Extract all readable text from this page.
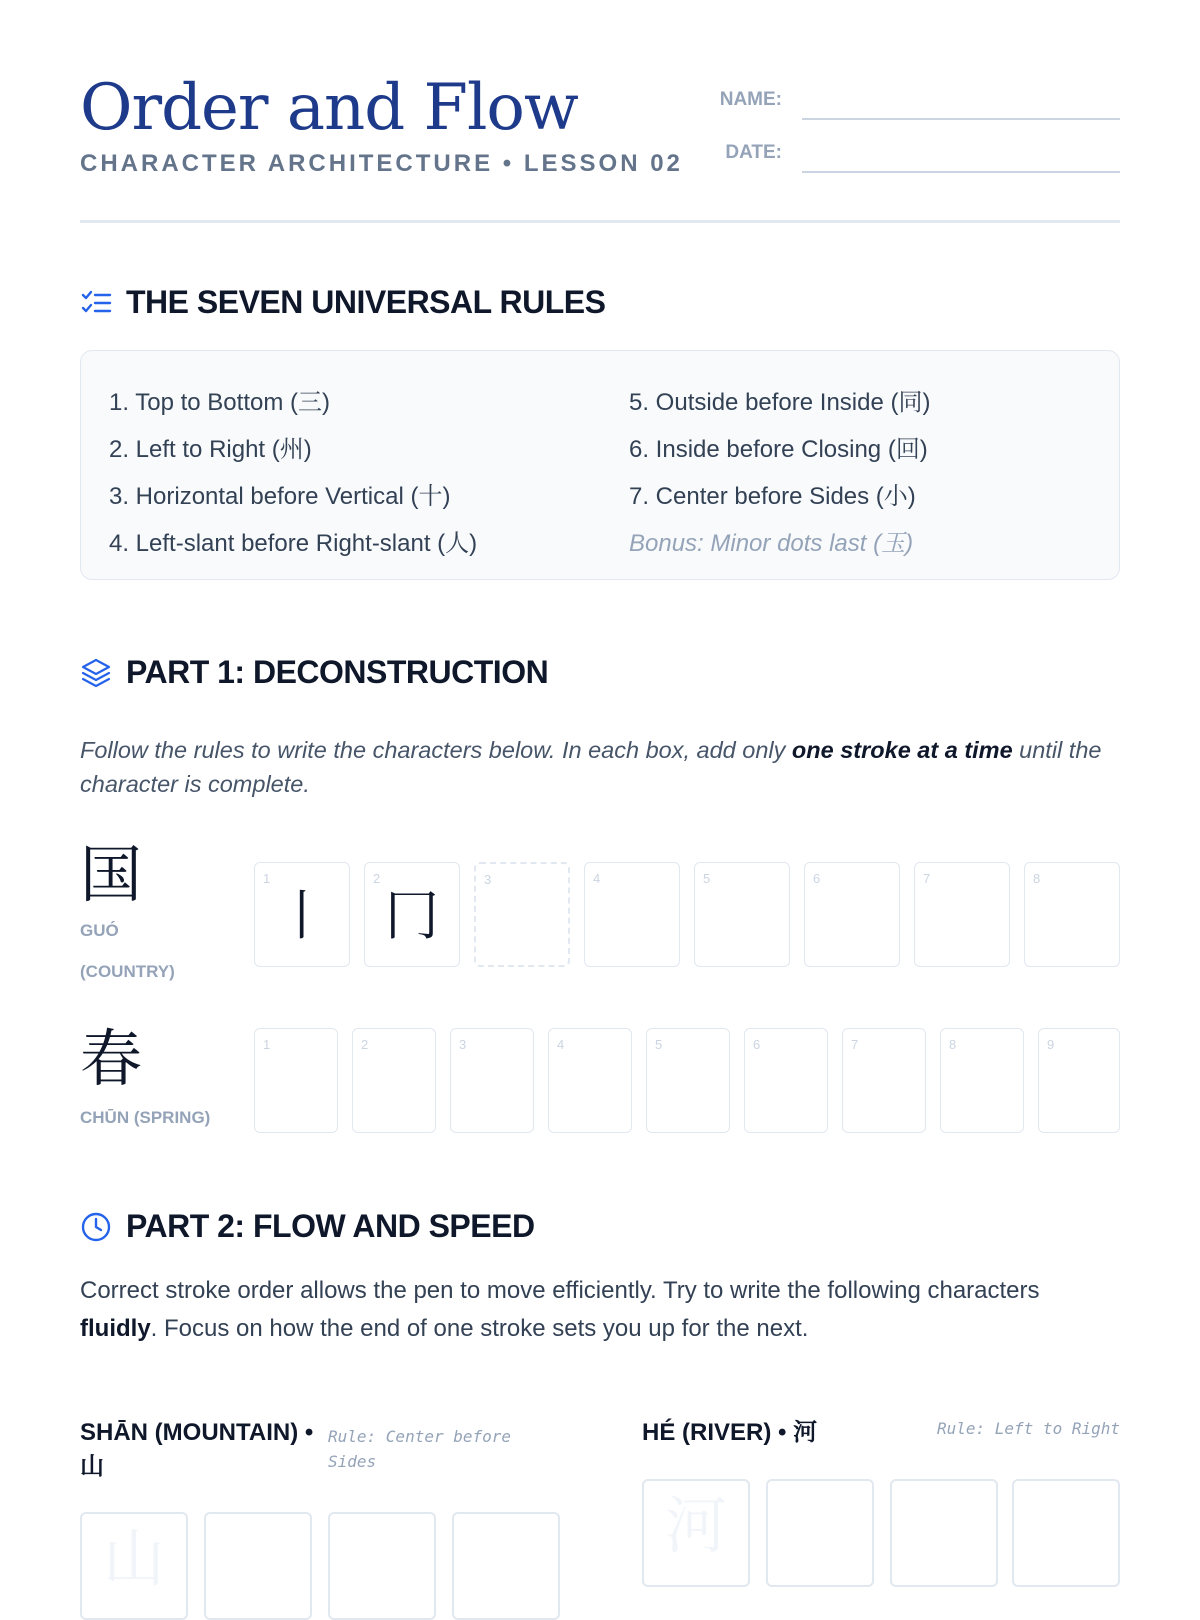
Order and Flow
CHARACTER ARCHITECTURE • LESSON 02
NAME:
DATE:
THE SEVEN UNIVERSAL RULES
1. Top to Bottom (三)
2. Left to Right (州)
3. Horizontal before Vertical (十)
4. Left-slant before Right-slant (人)
5. Outside before Inside (同)
6. Inside before Closing (回)
7. Center before Sides (小)
Bonus: Minor dots last (玉)
PART 1: DECONSTRUCTION
Follow the rules to write the characters below. In each box, add only one stroke at a time until the character is complete.
国
GUÓ
(COUNTRY)
1
丨
2
冂
3	4	5	6	7	8
春
CHŪN (SPRING)
1	2	3	4	5	6	7	8	9
PART 2: FLOW AND SPEED
Correct stroke order allows the pen to move efficiently. Try to write the following characters fluidly. Focus on how the end of one stroke sets you up for the next.
SHĀN (MOUNTAIN) •
山
Rule: Center before
Sides
山
HÉ (RIVER) • 河	Rule: Left to Right
河
